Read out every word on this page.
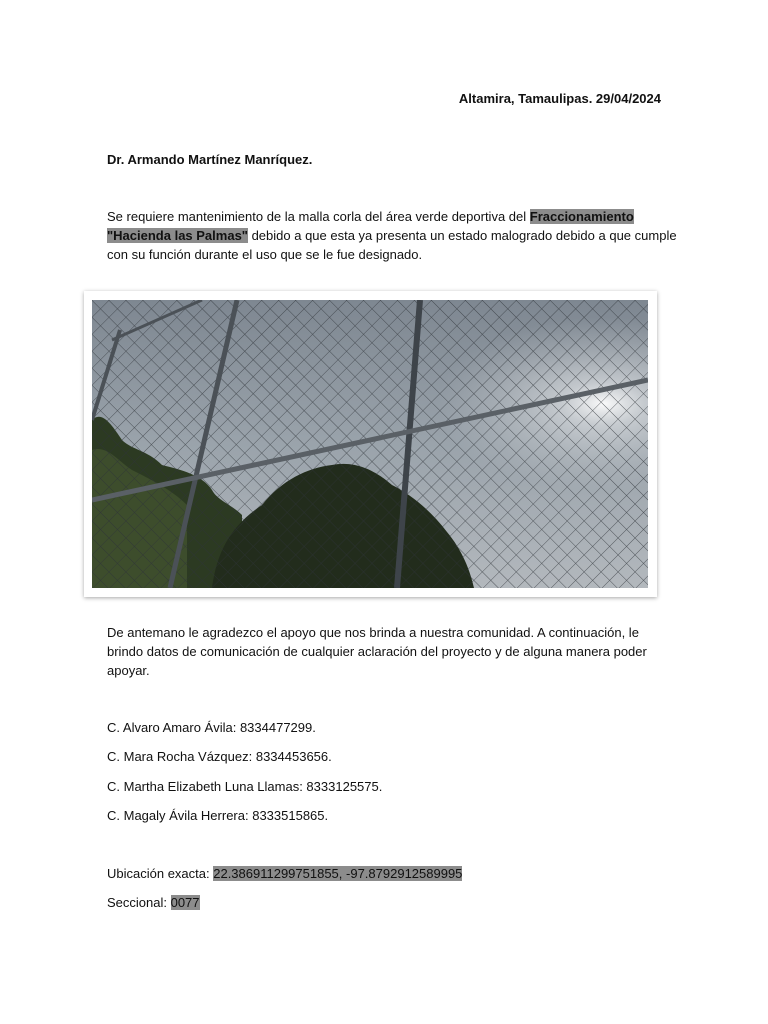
Altamira, Tamaulipas. 29/04/2024
Dr. Armando Martínez Manríquez.
Se requiere mantenimiento de la malla corla del área verde deportiva del Fraccionamiento
"Hacienda las Palmas" debido a que esta ya presenta un estado malogrado debido a que cumple
con su función durante el uso que se le fue designado.
De antemano le agradezco el apoyo que nos brinda a nuestra comunidad. A continuación, le
brindo datos de comunicación de cualquier aclaración del proyecto y de alguna manera poder
apoyar.
C. Alvaro Amaro Ávila: 8334477299.
C. Mara Rocha Vázquez: 8334453656.
C. Martha Elizabeth Luna Llamas: 8333125575.
C. Magaly Ávila Herrera: 8333515865.
Ubicación exacta: 22.386911299751855, -97.8792912589995
Seccional: 0077
